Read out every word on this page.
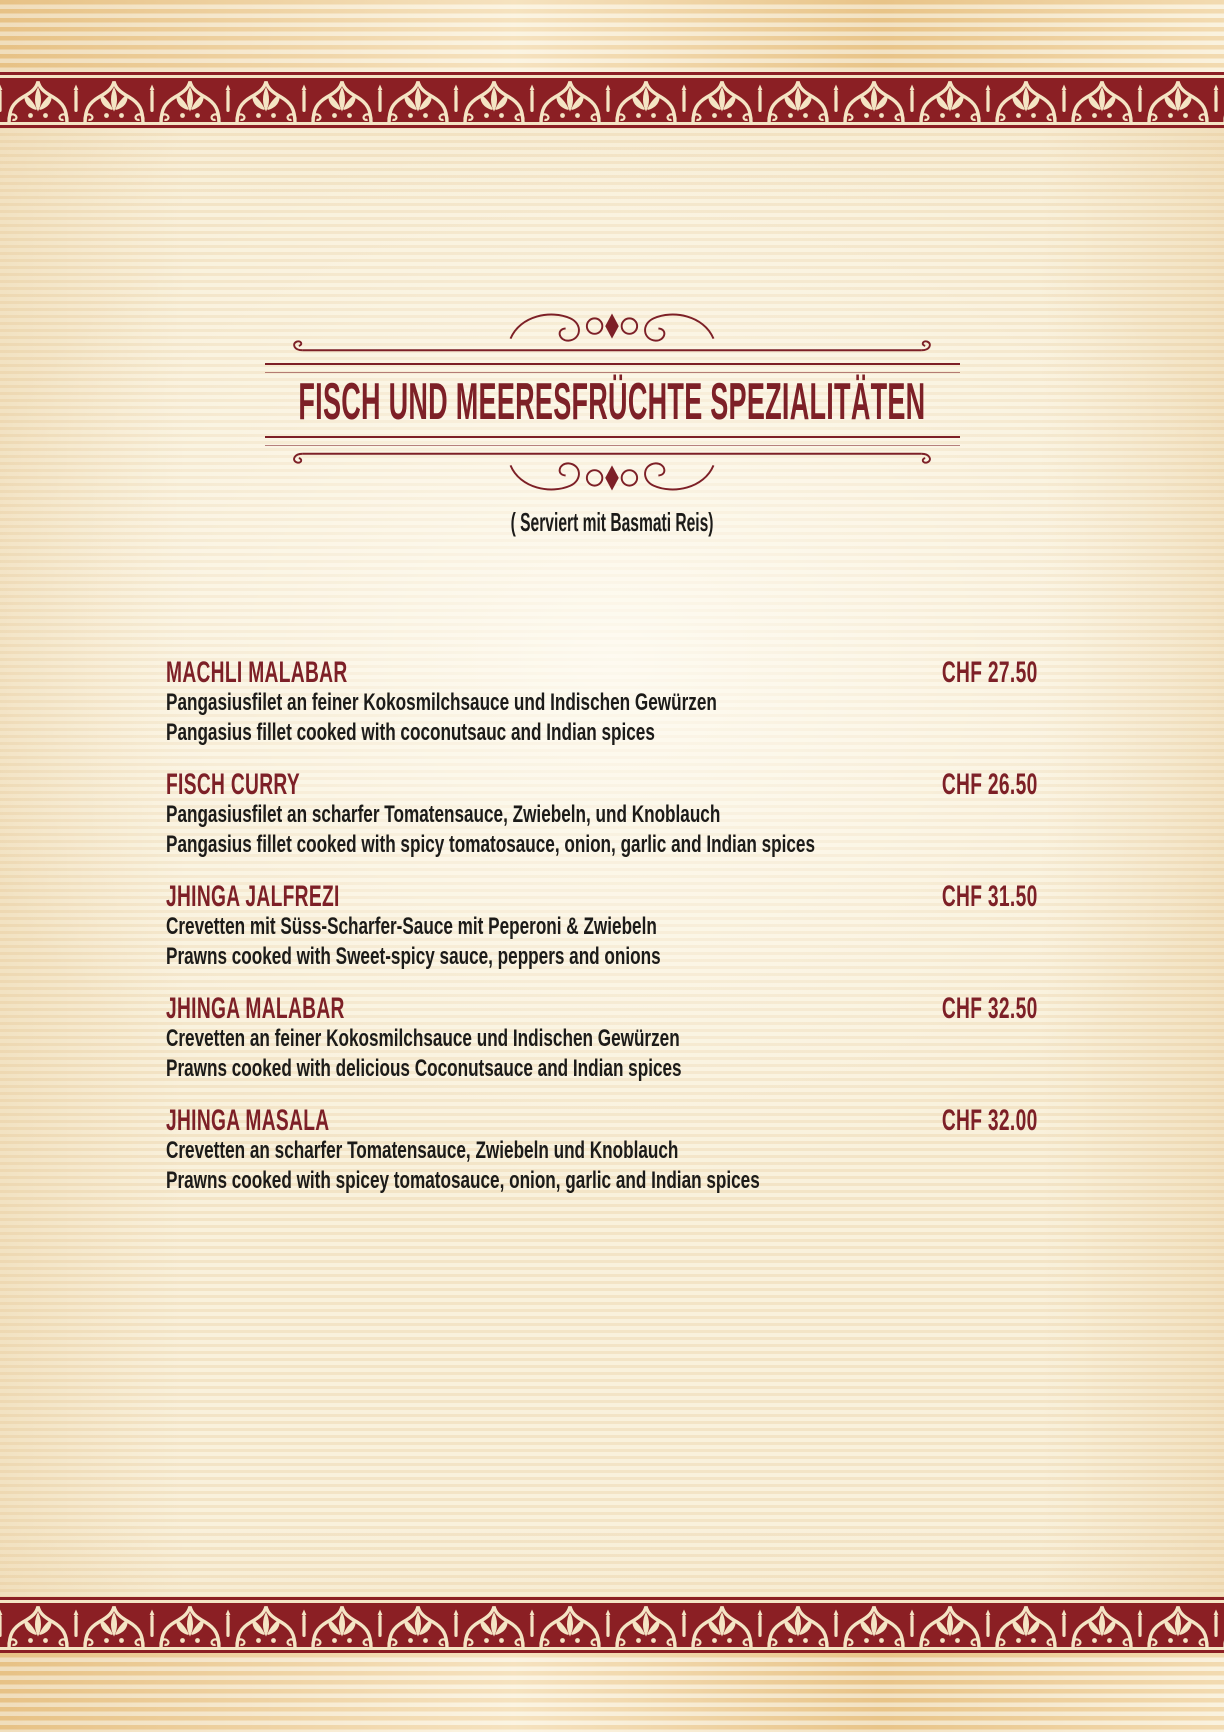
FISCH UND MEERESFRÜCHTE SPEZIALITÄTEN
( Serviert mit Basmati Reis)
MACHLI MALABAR	CHF 27.50
Pangasiusfilet an feiner Kokosmilchsauce und Indischen Gewürzen
Pangasius fillet cooked with coconutsauc and Indian spices
FISCH CURRY	CHF 26.50
Pangasiusfilet an scharfer Tomatensauce, Zwiebeln, und Knoblauch
Pangasius fillet cooked with spicy tomatosauce, onion, garlic and Indian spices
JHINGA JALFREZI	CHF 31.50
Crevetten mit Süss-Scharfer-Sauce mit Peperoni & Zwiebeln
Prawns cooked with Sweet-spicy sauce, peppers and onions
JHINGA MALABAR	CHF 32.50
Crevetten an feiner Kokosmilchsauce und Indischen Gewürzen
Prawns cooked with delicious Coconutsauce and Indian spices
JHINGA MASALA	CHF 32.00
Crevetten an scharfer Tomatensauce, Zwiebeln und Knoblauch
Prawns cooked with spicey tomatosauce, onion, garlic and Indian spices
